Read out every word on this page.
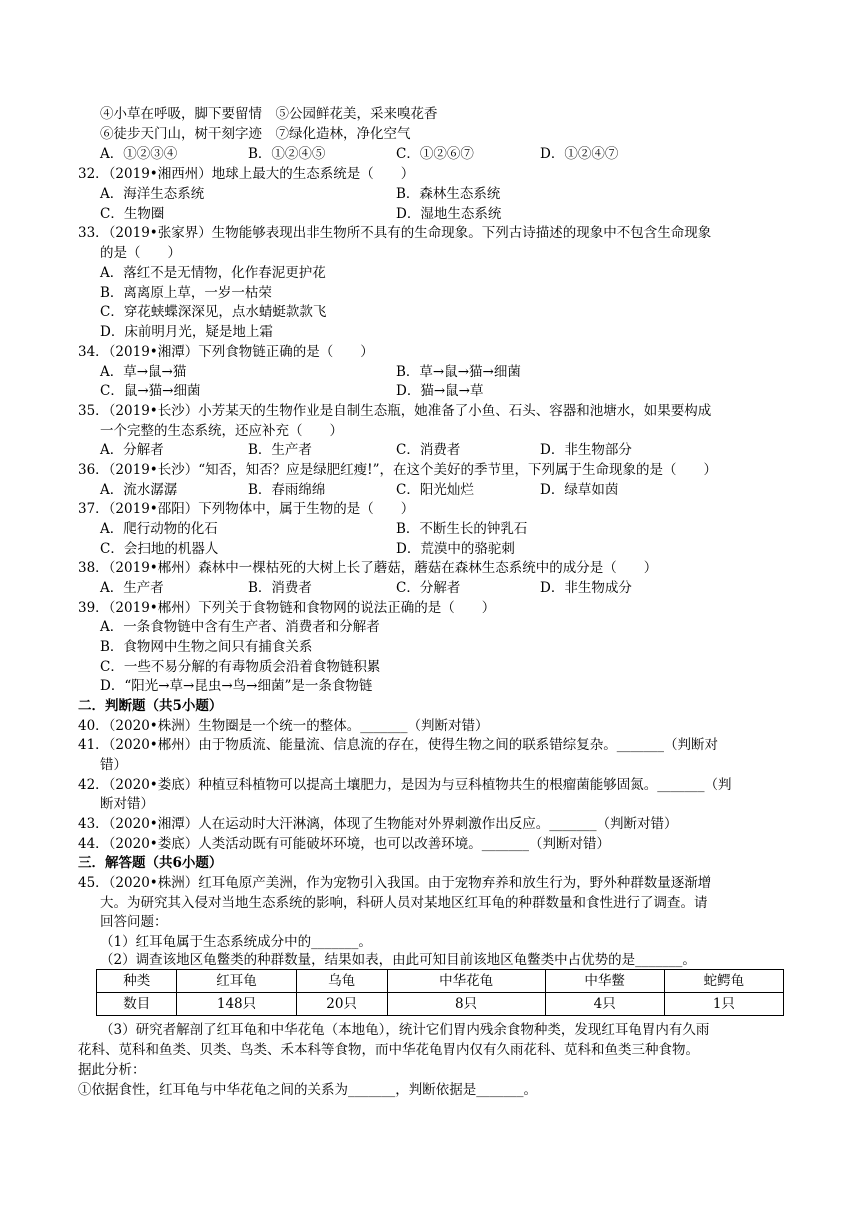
④小草在呼吸，脚下要留情　⑤公园鲜花美，采来嗅花香
⑥徒步天门山，树干刻字迹　⑦绿化造林，净化空气
A．①②③④	B．①②④⑤	C．①②⑥⑦	D．①②④⑦
32．（2019•湘西州）地球上最大的生态系统是（　　）
A．海洋生态系统	B．森林生态系统
C．生物圈	D．湿地生态系统
33．（2019•张家界）生物能够表现出非生物所不具有的生命现象。下列古诗描述的现象中不包含生命现象
的是（　　）
A．落红不是无情物，化作春泥更护花
B．离离原上草，一岁一枯荣
C．穿花蛱蝶深深见，点水蜻蜓款款飞
D．床前明月光，疑是地上霜
34．（2019•湘潭）下列食物链正确的是（　　）
A．草→鼠→猫	B．草→鼠→猫→细菌
C．鼠→猫→细菌	D．猫→鼠→草
35．（2019•长沙）小芳某天的生物作业是自制生态瓶，她准备了小鱼、石头、容器和池塘水，如果要构成
一个完整的生态系统，还应补充（　　）
A．分解者	B．生产者	C．消费者	D．非生物部分
36．（2019•长沙）“知否，知否？应是绿肥红瘦!”，在这个美好的季节里，下列属于生命现象的是（　　）
A．流水潺潺	B．春雨绵绵	C．阳光灿烂	D．绿草如茵
37．（2019•邵阳）下列物体中，属于生物的是（　　）
A．爬行动物的化石	B．不断生长的钟乳石
C．会扫地的机器人	D．荒漠中的骆驼刺
38．（2019•郴州）森林中一棵枯死的大树上长了蘑菇，蘑菇在森林生态系统中的成分是（　　）
A．生产者	B．消费者	C．分解者	D．非生物成分
39．（2019•郴州）下列关于食物链和食物网的说法正确的是（　　）
A．一条食物链中含有生产者、消费者和分解者
B．食物网中生物之间只有捕食关系
C．一些不易分解的有毒物质会沿着食物链积累
D．“阳光→草→昆虫→鸟→细菌”是一条食物链
二．判断题（共5小题）
40．（2020•株洲）生物圈是一个统一的整体。_______（判断对错）
41．（2020•郴州）由于物质流、能量流、信息流的存在，使得生物之间的联系错综复杂。_______（判断对
错）
42．（2020•娄底）种植豆科植物可以提高土壤肥力，是因为与豆科植物共生的根瘤菌能够固氮。_______（判
断对错）
43．（2020•湘潭）人在运动时大汗淋漓，体现了生物能对外界刺激作出反应。_______（判断对错）
44．（2020•娄底）人类活动既有可能破坏环境，也可以改善环境。_______（判断对错）
三．解答题（共6小题）
45．（2020•株洲）红耳龟原产美洲，作为宠物引入我国。由于宠物弃养和放生行为，野外种群数量逐渐增
大。为研究其入侵对当地生态系统的影响，科研人员对某地区红耳龟的种群数量和食性进行了调查。请
回答问题：
（1）红耳龟属于生态系统成分中的_______。
（2）调查该地区龟鳖类的种群数量，结果如表，由此可知目前该地区龟鳖类中占优势的是_______。
种类	红耳龟	乌龟	中华花龟	中华鳖	蛇鳄龟
数目	148只	20只	8只	4只	1只
（3）研究者解剖了红耳龟和中华花龟（本地龟），统计它们胃内残余食物种类，发现红耳龟胃内有久雨
花科、苋科和鱼类、贝类、鸟类、禾本科等食物，而中华花龟胃内仅有久雨花科、苋科和鱼类三种食物。
据此分析：
①依据食性，红耳龟与中华花龟之间的关系为_______，判断依据是_______。
